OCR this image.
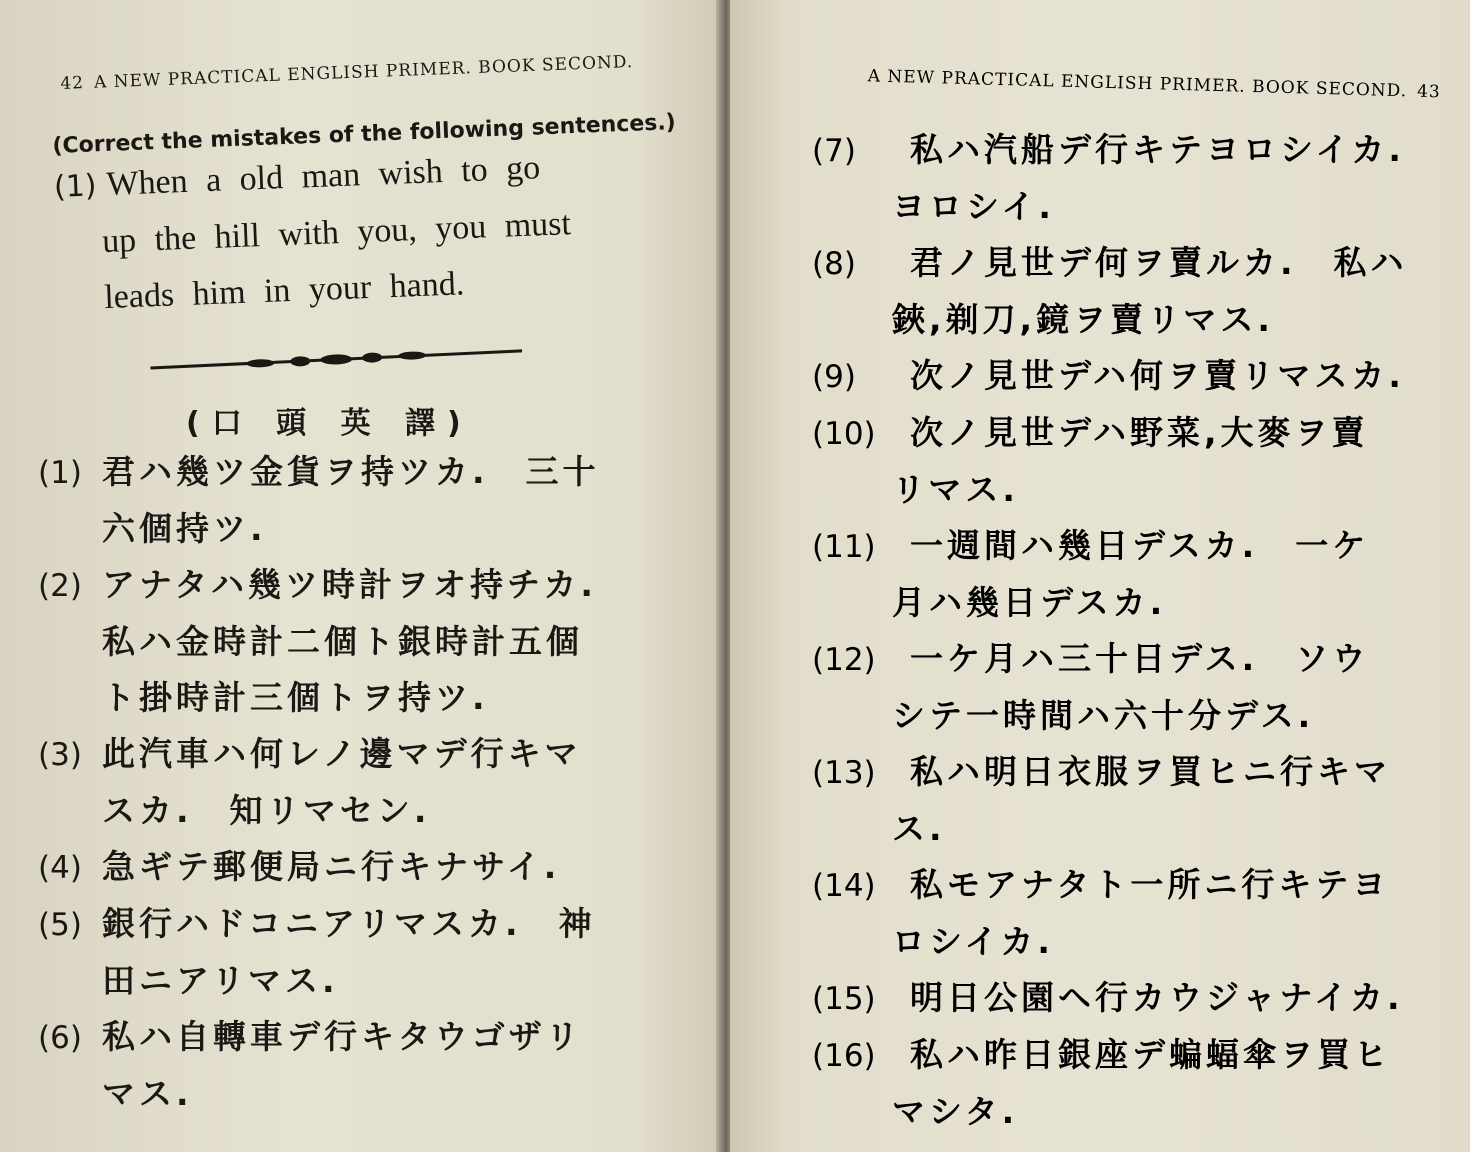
42 A NEW PRACTICAL ENGLISH PRIMER. BOOK SECOND.
(Correct the mistakes of the following sentences.)
(1) When a old man wish to go
up the hill with you, you must
leads him in your hand.
(口 頭 英 譯)
(1) 君ハ幾ツ金貨ヲ持ツカ.　三十
六個持ツ.
(2) アナタハ幾ツ時計ヲオ持チカ.
私ハ金時計二個ト銀時計五個
ト掛時計三個トヲ持ツ.
(3) 此汽車ハ何レノ邊マデ行キマ
スカ.　知リマセン.
(4) 急ギテ郵便局ニ行キナサイ.
(5) 銀行ハドコニアリマスカ.　神
田ニアリマス.
(6) 私ハ自轉車デ行キタウゴザリ
マス.
A NEW PRACTICAL ENGLISH PRIMER. BOOK SECOND. 43
(7) 私ハ汽船デ行キテヨロシイカ.
ヨロシイ.
(8) 君ノ見世デ何ヲ賣ルカ.　私ハ
鋏,剃刀,鏡ヲ賣リマス.
(9) 次ノ見世デハ何ヲ賣リマスカ.
(10) 次ノ見世デハ野菜,大麥ヲ賣
リマス.
(11) 一週間ハ幾日デスカ.　一ケ
月ハ幾日デスカ.
(12) 一ケ月ハ三十日デス.　ソウ
シテ一時間ハ六十分デス.
(13) 私ハ明日衣服ヲ買ヒニ行キマ
ス.
(14) 私モアナタト一所ニ行キテヨ
ロシイカ.
(15) 明日公園ヘ行カウジャナイカ.
(16) 私ハ昨日銀座デ蝙蝠傘ヲ買ヒ
マシタ.
